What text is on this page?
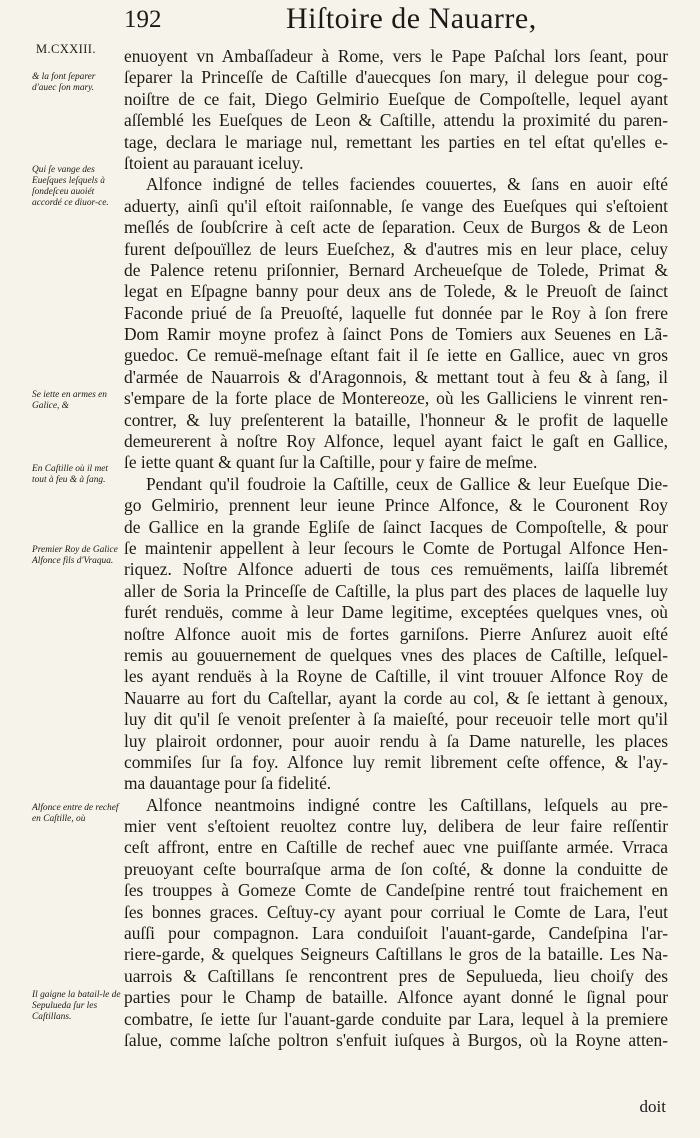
192	Hiſtoire de Nauarre,
M.CXXIII.
& la font ſeparer d'auec ſon mary.
Qui ſe vange des Eueſques leſquels à ſondeſceu auoiét accordé ce diuor-ce.
Se iette en armes en Galice, &
En Caſtille où il met tout à feu & à ſang.
Premier Roy de Galice Alfonce fils d'Vraqua.
Alfonce entre de rechef en Caſtille, où
Il gaigne la batail-le de Sepulueda ſur les Caſtillans.
enuoyent vn Ambaſſadeur à Rome, vers le Pape Paſchal lors ſeant, pour
ſeparer la Princeſſe de Caſtille d'auecques ſon mary, il delegue pour cog-
noiſtre de ce fait, Diego Gelmirio Eueſque de Compoſtelle, lequel ayant
aſſemblé les Eueſques de Leon & Caſtille, attendu la proximité du paren-
tage, declara le mariage nul, remettant les parties en tel eſtat qu'elles e-
ſtoient au parauant iceluy.
Alfonce indigné de telles faciendes couuertes, & ſans en auoir eſté
aduerty, ainſi qu'il eſtoit raiſonnable, ſe vange des Eueſques qui s'eſtoient
meſlés de ſoubſcrire à ceſt acte de ſeparation. Ceux de Burgos & de Leon
furent deſpouïllez de leurs Eueſchez, & d'autres mis en leur place, celuy
de Palence retenu priſonnier, Bernard Archeueſque de Tolede, Primat &
legat en Eſpagne banny pour deux ans de Tolede, & le Preuoſt de ſainct
Faconde priué de ſa Preuoſté, laquelle fut donnée par le Roy à ſon frere
Dom Ramir moyne profez à ſainct Pons de Tomiers aux Seuenes en Lã-
guedoc. Ce remuë-meſnage eſtant fait il ſe iette en Gallice, auec vn gros
d'armée de Nauarrois & d'Aragonnois, & mettant tout à feu & à ſang, il
s'empare de la forte place de Montereoze, où les Galliciens le vinrent ren-
contrer, & luy preſenterent la bataille, l'honneur & le profit de laquelle
demeurerent à noſtre Roy Alfonce, lequel ayant faict le gaſt en Gallice,
ſe iette quant & quant ſur la Caſtille, pour y faire de meſme.
Pendant qu'il foudroie la Caſtille, ceux de Gallice & leur Eueſque Die-
go Gelmirio, prennent leur ieune Prince Alfonce, & le Couronent Roy
de Gallice en la grande Egliſe de ſainct Iacques de Compoſtelle, & pour
ſe maintenir appellent à leur ſecours le Comte de Portugal Alfonce Hen-
riquez. Noſtre Alfonce aduerti de tous ces remuëments, laiſſa libremét
aller de Soria la Princeſſe de Caſtille, la plus part des places de laquelle luy
furét renduës, comme à leur Dame legitime, exceptées quelques vnes, où
noſtre Alfonce auoit mis de fortes garniſons. Pierre Anſurez auoit eſté
remis au gouuernement de quelques vnes des places de Caſtille, leſquel-
les ayant renduës à la Royne de Caſtille, il vint trouuer Alfonce Roy de
Nauarre au fort du Caſtellar, ayant la corde au col, & ſe iettant à genoux,
luy dit qu'il ſe venoit preſenter à ſa maieſté, pour receuoir telle mort qu'il
luy plairoit ordonner, pour auoir rendu à ſa Dame naturelle, les places
commiſes ſur ſa foy. Alfonce luy remit librement ceſte offence, & l'ay-
ma dauantage pour ſa fidelité.
Alfonce neantmoins indigné contre les Caſtillans, leſquels au pre-
mier vent s'eſtoient reuoltez contre luy, delibera de leur faire reſſentir
ceſt affront, entre en Caſtille de rechef auec vne puiſſante armée. Vrraca
preuoyant ceſte bourraſque arma de ſon coſté, & donne la conduitte de
ſes trouppes à Gomeze Comte de Candeſpine rentré tout fraichement en
ſes bonnes graces. Ceſtuy-cy ayant pour corriual le Comte de Lara, l'eut
auſſi pour compagnon. Lara conduiſoit l'auant-garde, Candeſpina l'ar-
riere-garde, & quelques Seigneurs Caſtillans le gros de la bataille. Les Na-
uarrois & Caſtillans ſe rencontrent pres de Sepulueda, lieu choiſy des
parties pour le Champ de bataille. Alfonce ayant donné le ſignal pour
combatre, ſe iette ſur l'auant-garde conduite par Lara, lequel à la premiere
ſalue, comme laſche poltron s'enfuit iuſques à Burgos, où la Royne atten-
doit
